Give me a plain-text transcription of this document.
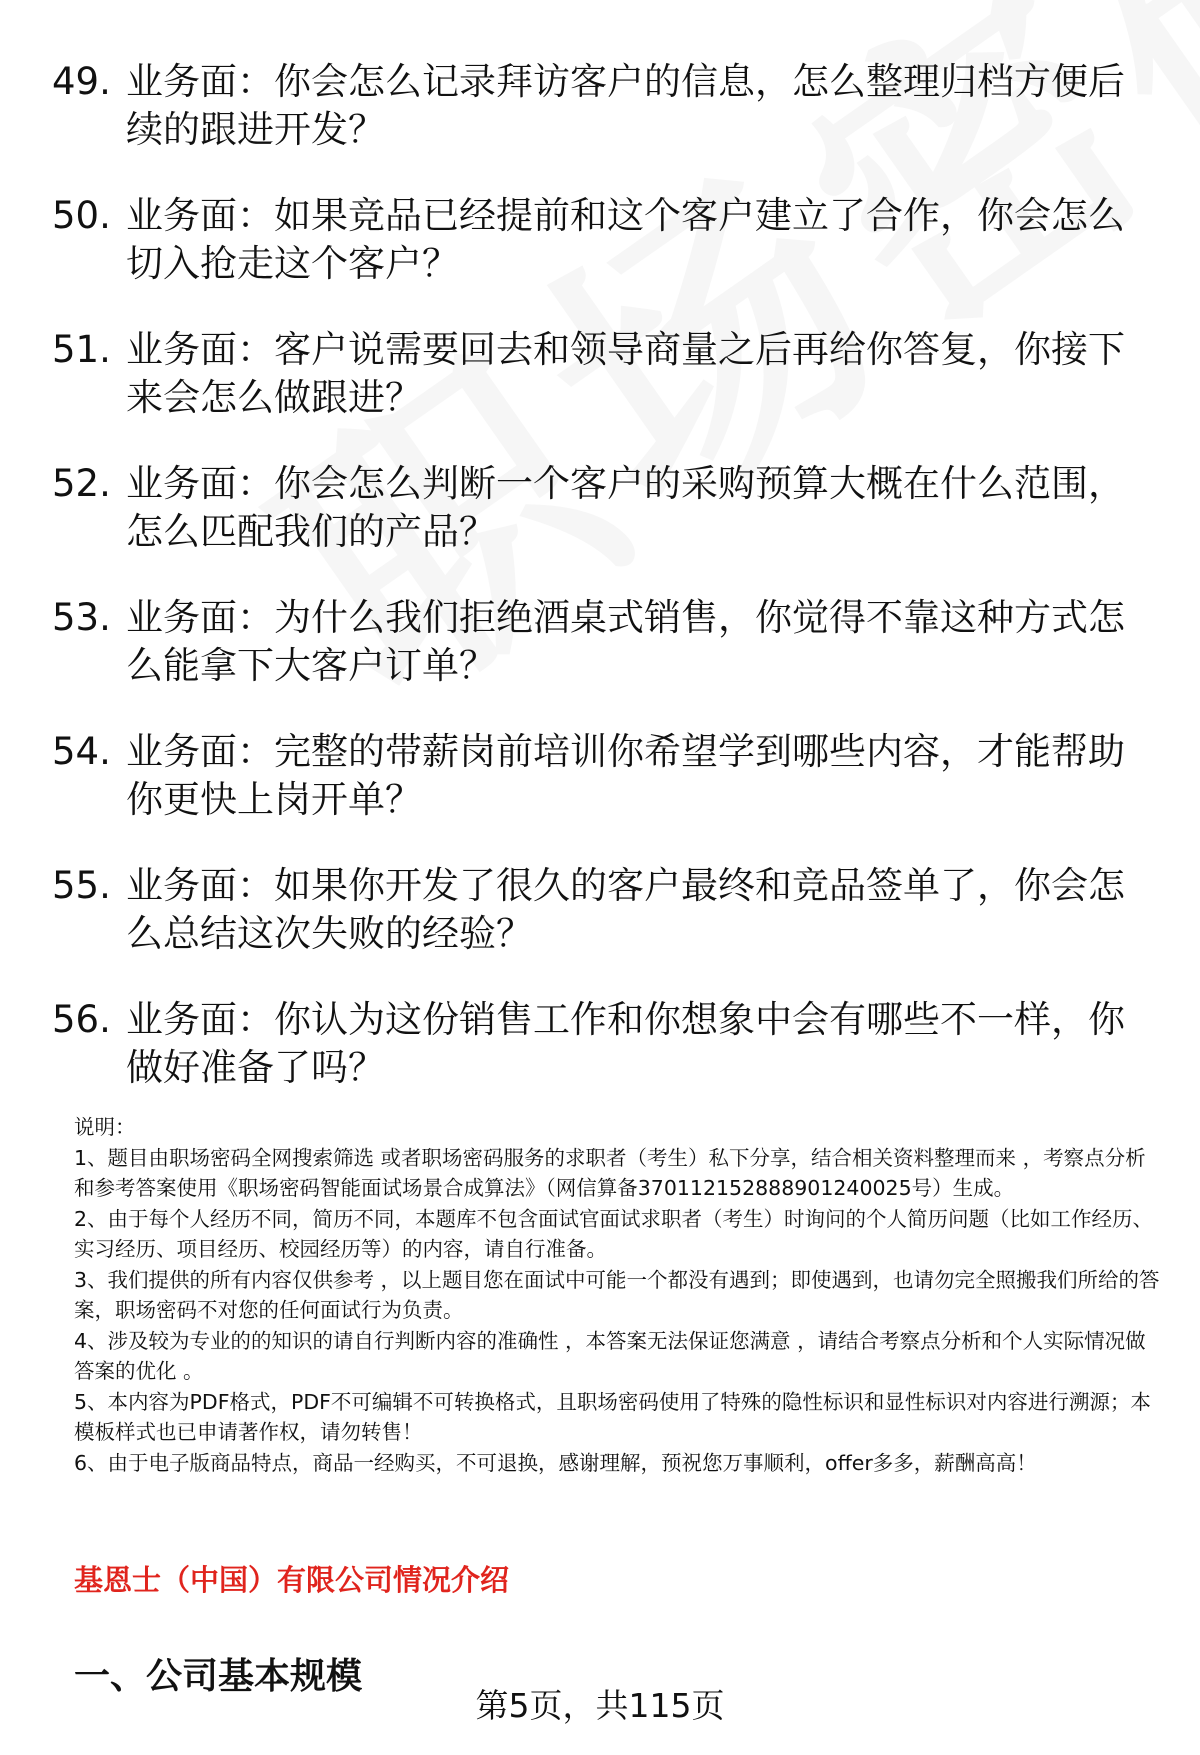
49. 业务面：你会怎么记录拜访客户的信息，怎么整理归档方便后续的跟进开发？
50. 业务面：如果竞品已经提前和这个客户建立了合作，你会怎么切入抢走这个客户？
51. 业务面：客户说需要回去和领导商量之后再给你答复，你接下来会怎么做跟进？
52. 业务面：你会怎么判断一个客户的采购预算大概在什么范围，怎么匹配我们的产品？
53. 业务面：为什么我们拒绝酒桌式销售，你觉得不靠这种方式怎么能拿下大客户订单？
54. 业务面：完整的带薪岗前培训你希望学到哪些内容，才能帮助你更快上岗开单？
55. 业务面：如果你开发了很久的客户最终和竞品签单了，你会怎么总结这次失败的经验？
56. 业务面：你认为这份销售工作和你想象中会有哪些不一样，你做好准备了吗？

说明：

1、题目由职场密码全网搜索筛选 或者职场密码服务的求职者（考生）私下分享，结合相关资料整理而来 ，考察点分析和参考答案使用《职场密码智能面试场景合成算法》（网信算备370112152888901240025号）生成。

2、由于每个人经历不同，简历不同，本题库不包含面试官面试求职者（考生）时询问的个人简历问题（比如工作经历、实习经历、项目经历、校园经历等）的内容，请自行准备。

3、我们提供的所有内容仅供参考 ，以上题目您在面试中可能一个都没有遇到；即使遇到，也请勿完全照搬我们所给的答案，职场密码不对您的任何面试行为负责。

4、涉及较为专业的的知识的请自行判断内容的准确性 ，本答案无法保证您满意 ，请结合考察点分析和个人实际情况做答案的优化 。

5、本内容为PDF格式，PDF不可编辑不可转换格式，且职场密码使用了特殊的隐性标识和显性标识对内容进行溯源；本模板样式也已申请著作权，请勿转售！

6、由于电子版商品特点，商品一经购买，不可退换，感谢理解，预祝您万事顺利，offer多多，薪酬高高！

基恩士（中国）有限公司情况介绍
一、公司基本规模
第5页，共115页
